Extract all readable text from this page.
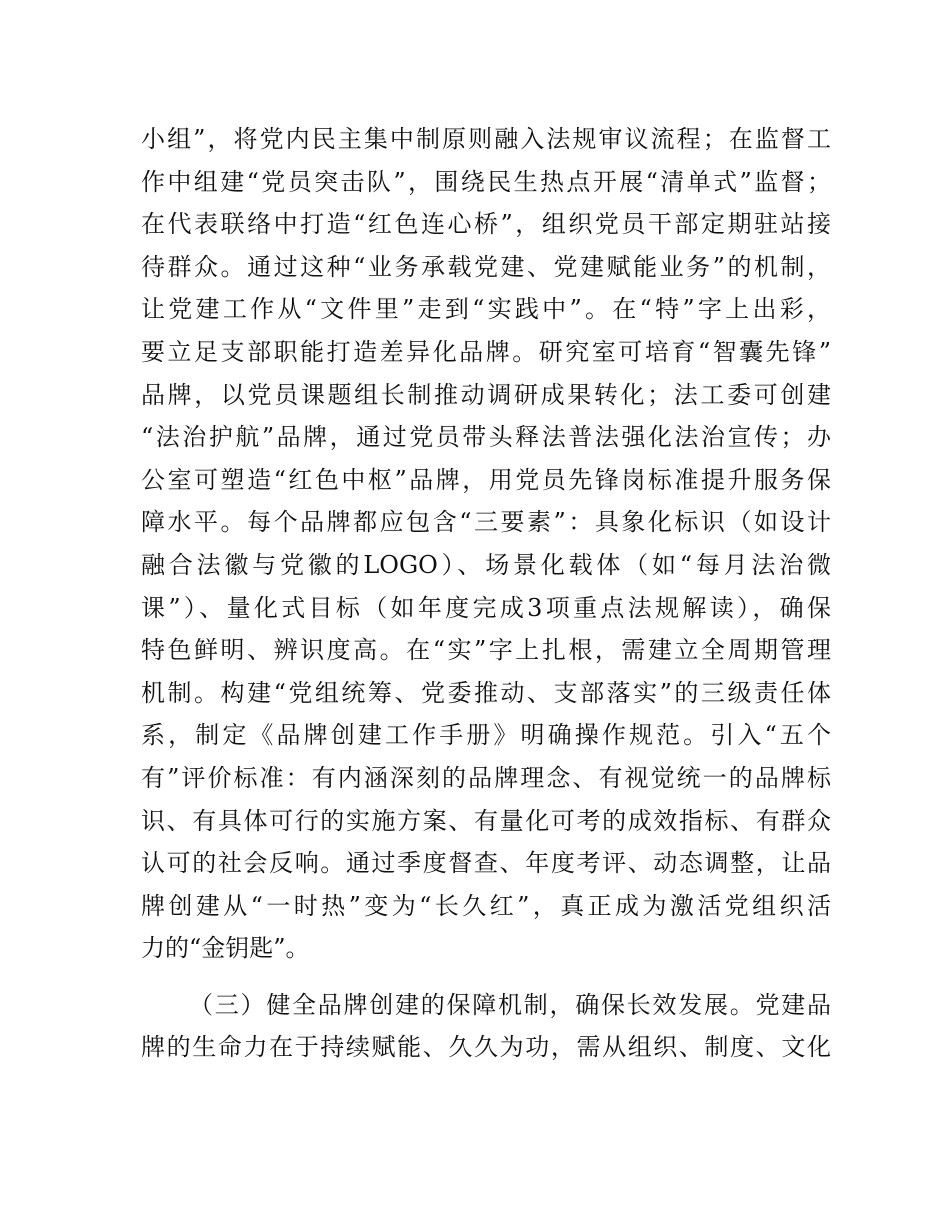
小组”，将党内民主集中制原则融入法规审议流程；在监督工
作中组建“党员突击队”，围绕民生热点开展“清单式”监督；
在代表联络中打造“红色连心桥”，组织党员干部定期驻站接
待群众。通过这种“业务承载党建、党建赋能业务”的机制，
让党建工作从“文件里”走到“实践中”。在“特”字上出彩，
要立足支部职能打造差异化品牌。研究室可培育“智囊先锋”
品牌，以党员课题组长制推动调研成果转化；法工委可创建
“法治护航”品牌，通过党员带头释法普法强化法治宣传；办
公室可塑造“红色中枢”品牌，用党员先锋岗标准提升服务保
障水平。每个品牌都应包含“三要素”：具象化标识（如设计
融合法徽与党徽的LOGO）、场景化载体（如“每月法治微
课”）、量化式目标（如年度完成3项重点法规解读），确保
特色鲜明、辨识度高。在“实”字上扎根，需建立全周期管理
机制。构建“党组统筹、党委推动、支部落实”的三级责任体
系，制定《品牌创建工作手册》明确操作规范。引入“五个
有”评价标准：有内涵深刻的品牌理念、有视觉统一的品牌标
识、有具体可行的实施方案、有量化可考的成效指标、有群众
认可的社会反响。通过季度督查、年度考评、动态调整，让品
牌创建从“一时热”变为“长久红”，真正成为激活党组织活
力的“金钥匙”。
（三）健全品牌创建的保障机制，确保长效发展。党建品
牌的生命力在于持续赋能、久久为功，需从组织、制度、文化
